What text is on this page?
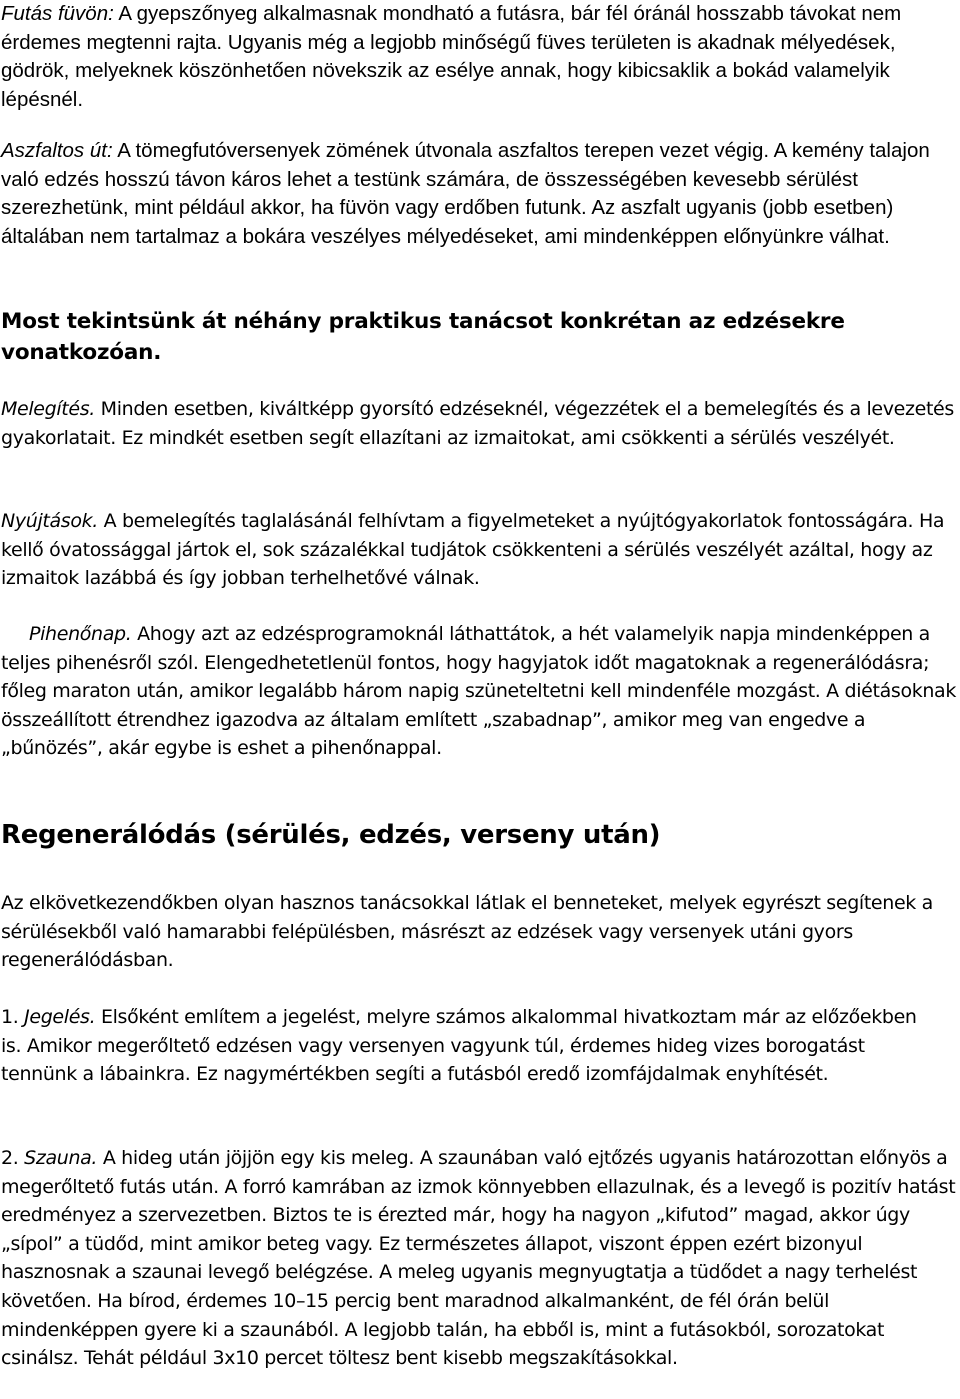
Futás füvön: A gyepszőnyeg alkalmasnak mondható a futásra, bár fél óránál hosszabb távokat nem érdemes megtenni rajta. Ugyanis még a legjobb minőségű füves területen is akadnak mélyedések, gödrök, melyeknek köszönhetően növekszik az esélye annak, hogy kibicsaklik a bokád valamelyik lépésnél.

Aszfaltos út: A tömegfutóversenyek zömének útvonala aszfaltos terepen vezet végig. A kemény talajon való edzés hosszú távon káros lehet a testünk számára, de összességében kevesebb sérülést szerezhetünk, mint például akkor, ha füvön vagy erdőben futunk. Az aszfalt ugyanis (jobb esetben) általában nem tartalmaz a bokára veszélyes mélyedéseket, ami mindenképpen előnyünkre válhat.

Most tekintsünk át néhány praktikus tanácsot konkrétan az edzésekre vonatkozóan.

Melegítés. Minden esetben, kiváltképp gyorsító edzéseknél, végezzétek el a bemelegítés és a levezetés gyakorlatait. Ez mindkét esetben segít ellazítani az izmaitokat, ami csökkenti a sérülés veszélyét.

Nyújtások. A bemelegítés taglalásánál felhívtam a figyelmeteket a nyújtógyakorlatok fontosságára. Ha kellő óvatossággal jártok el, sok százalékkal tudjátok csökkenteni a sérülés veszélyét azáltal, hogy az izmaitok lazábbá és így jobban terhelhetővé válnak.

Pihenőnap. Ahogy azt az edzésprogramoknál láthattátok, a hét valamelyik napja mindenképpen a teljes pihenésről szól. Elengedhetetlenül fontos, hogy hagyjatok időt magatoknak a regenerálódásra; főleg maraton után, amikor legalább három napig szüneteltetni kell mindenféle mozgást. A diétásoknak összeállított étrendhez igazodva az általam említett „szabadnap”, amikor meg van engedve a „bűnözés”, akár egybe is eshet a pihenőnappal.

Regenerálódás (sérülés, edzés, verseny után)

Az elkövetkezendőkben olyan hasznos tanácsokkal látlak el benneteket, melyek egyrészt segítenek a sérülésekből való hamarabbi felépülésben, másrészt az edzések vagy versenyek utáni gyors regenerálódásban.

1. Jegelés. Elsőként említem a jegelést, melyre számos alkalommal hivatkoztam már az előzőekben is. Amikor megerőltető edzésen vagy versenyen vagyunk túl, érdemes hideg vizes borogatást tennünk a lábainkra. Ez nagymértékben segíti a futásból eredő izomfájdalmak enyhítését.

2. Szauna. A hideg után jöjjön egy kis meleg. A szaunában való ejtőzés ugyanis határozottan előnyös a megerőltető futás után. A forró kamrában az izmok könnyebben ellazulnak, és a levegő is pozitív hatást eredményez a szervezetben. Biztos te is érezted már, hogy ha nagyon „kifutod” magad, akkor úgy „sípol” a tüdőd, mint amikor beteg vagy. Ez természetes állapot, viszont éppen ezért bizonyul hasznosnak a szaunai levegő belégzése. A meleg ugyanis megnyugtatja a tüdődet a nagy terhelést követően. Ha bírod, érdemes 10–15 percig bent maradnod alkalmanként, de fél órán belül mindenképpen gyere ki a szaunából. A legjobb talán, ha ebből is, mint a futásokból, sorozatokat csinálsz. Tehát például 3x10 percet töltesz bent kisebb megszakításokkal.
